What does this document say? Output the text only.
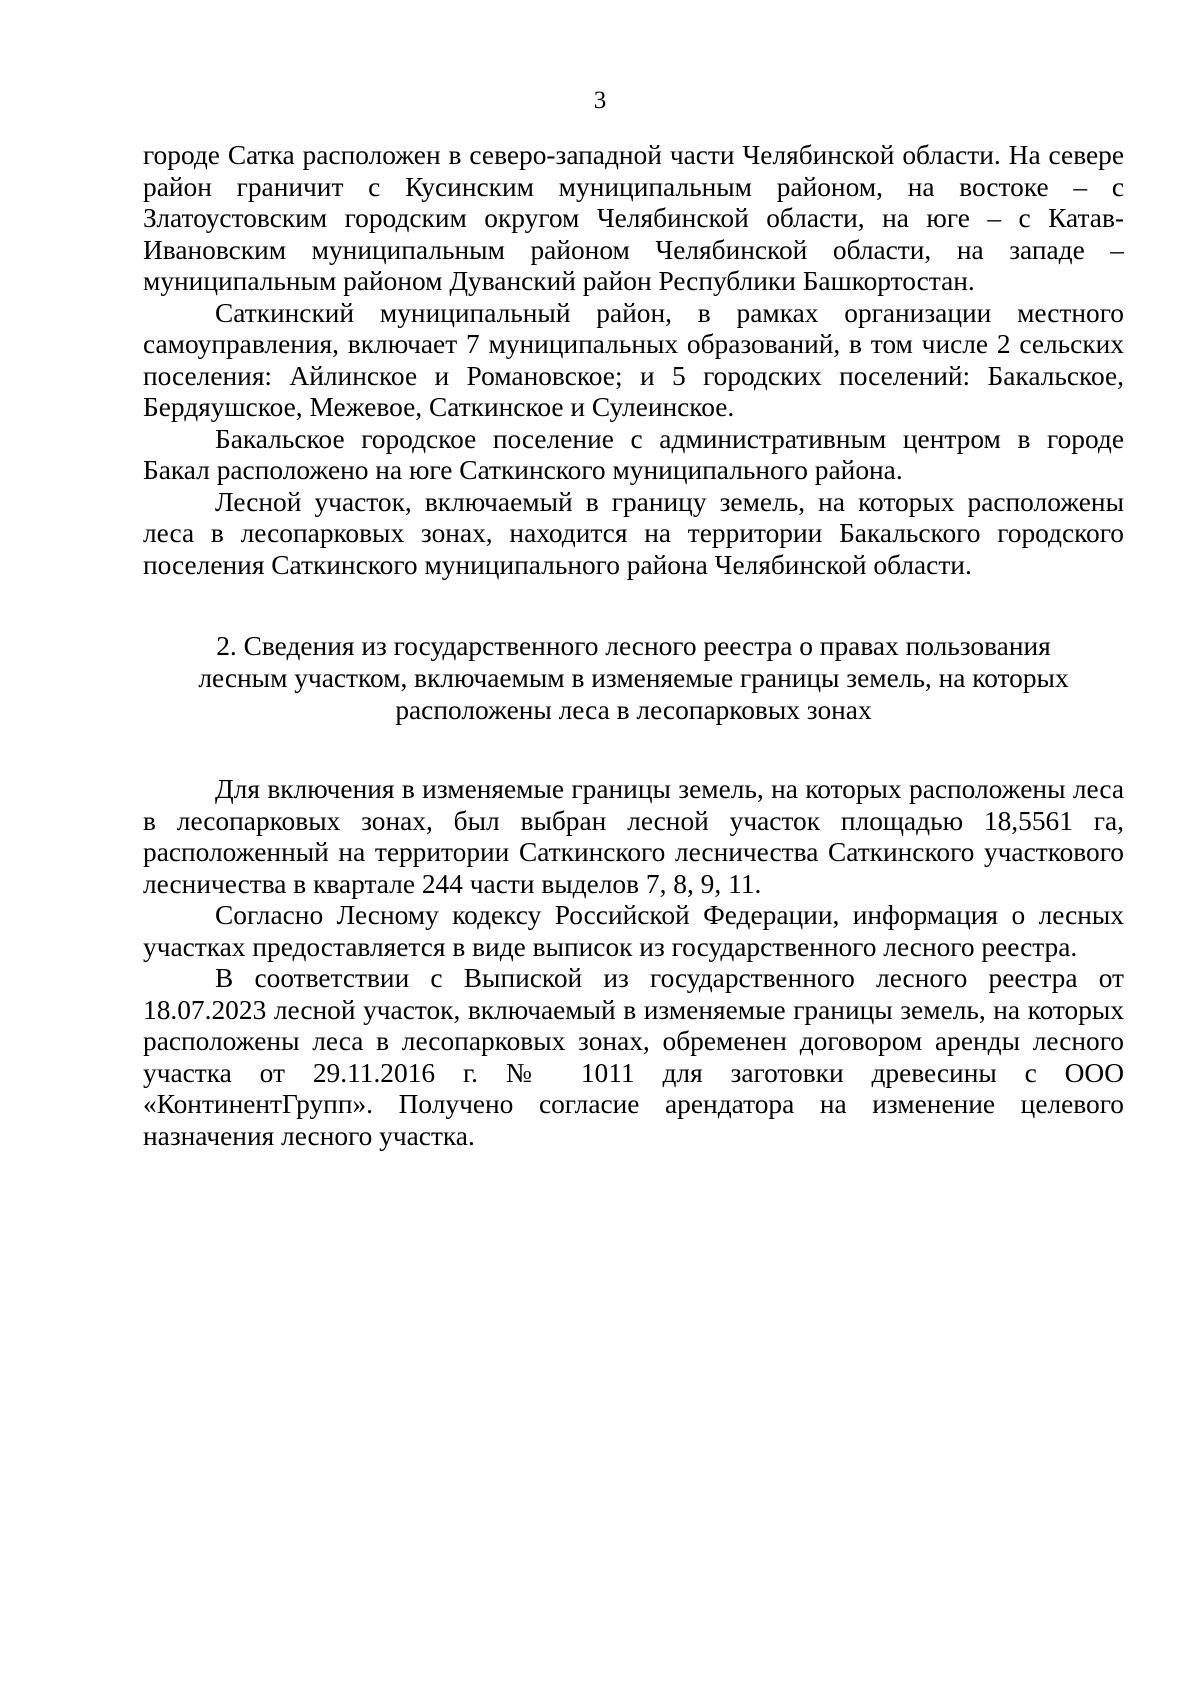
3

городе Сатка расположен в северо-западной части Челябинской области. На севере район граничит с Кусинским муниципальным районом, на востоке – с Златоустовским городским округом Челябинской области, на юге – с Катав-Ивановским муниципальным районом Челябинской области, на западе – муниципальным районом Дуванский район Республики Башкортостан.

Саткинский муниципальный район, в рамках организации местного самоуправления, включает 7 муниципальных образований, в том числе 2 сельских поселения: Айлинское и Романовское; и 5 городских поселений: Бакальское, Бердяушское, Межевое, Саткинское и Сулеинское.

Бакальское городское поселение с административным центром в городе Бакал расположено на юге Саткинского муниципального района.

Лесной участок, включаемый в границу земель, на которых расположены леса в лесопарковых зонах, находится на территории Бакальского городского поселения Саткинского муниципального района Челябинской области.

2. Сведения из государственного лесного реестра о правах пользования
лесным участком, включаемым в изменяемые границы земель, на которых
расположены леса в лесопарковых зонах

Для включения в изменяемые границы земель, на которых расположены леса в лесопарковых зонах, был выбран лесной участок площадью 18,5561 га, расположенный на территории Саткинского лесничества Саткинского участкового лесничества в квартале 244 части выделов 7, 8, 9, 11.

Согласно Лесному кодексу Российской Федерации, информация о лесных участках предоставляется в виде выписок из государственного лесного реестра.

В соответствии с Выпиской из государственного лесного реестра от 18.07.2023 лесной участок, включаемый в изменяемые границы земель, на которых расположены леса в лесопарковых зонах, обременен договором аренды лесного участка от 29.11.2016 г. № 1011 для заготовки древесины с ООО «КонтинентГрупп». Получено согласие арендатора на изменение целевого назначения лесного участка.
